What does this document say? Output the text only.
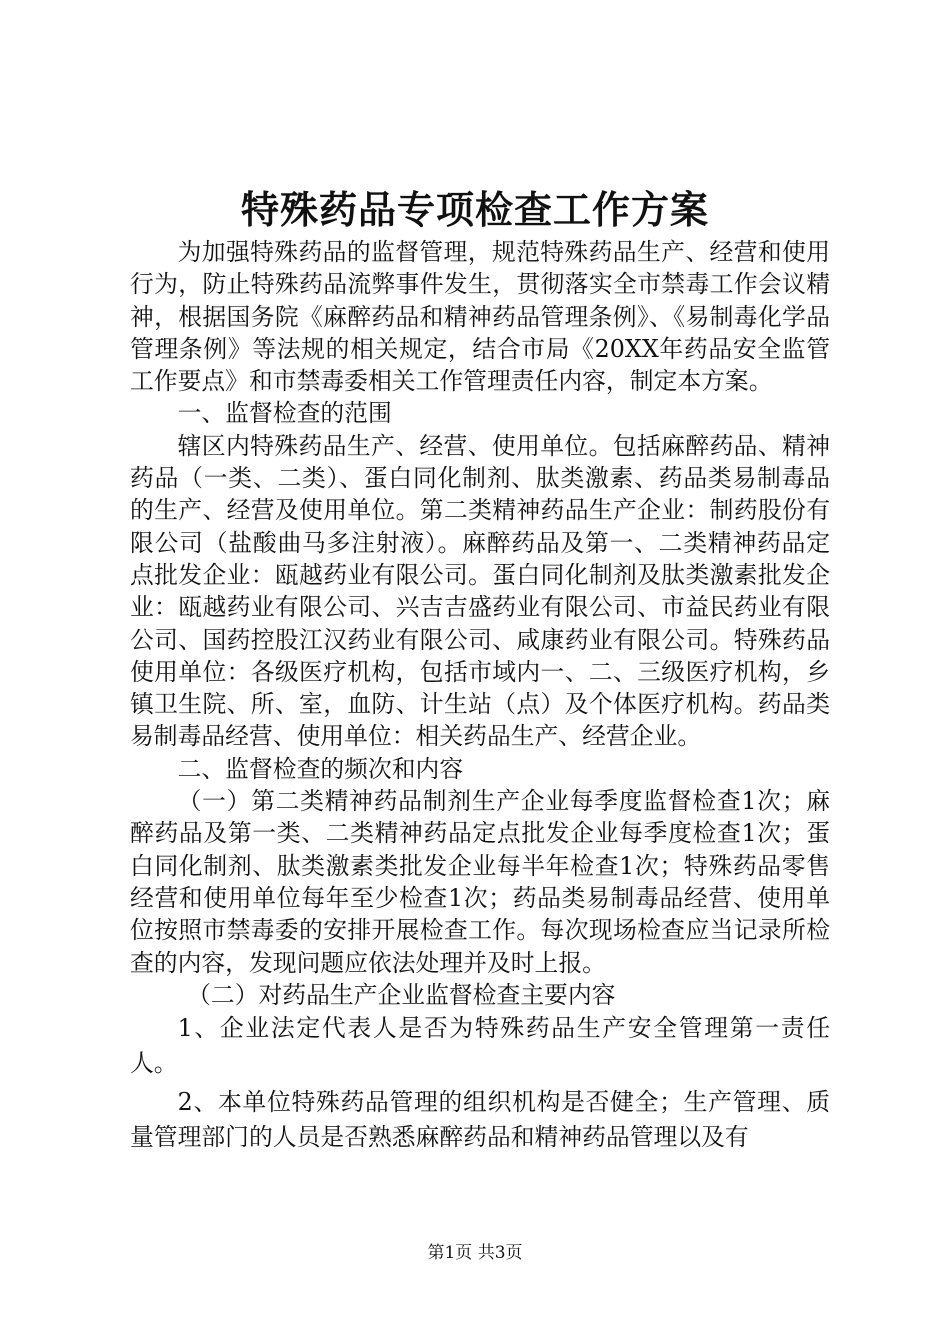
特殊药品专项检查工作方案

为加强特殊药品的监督管理，规范特殊药品生产、经营和使用行为，防止特殊药品流弊事件发生，贯彻落实全市禁毒工作会议精神，根据国务院《麻醉药品和精神药品管理条例》、《易制毒化学品管理条例》等法规的相关规定，结合市局《20XX年药品安全监管工作要点》和市禁毒委相关工作管理责任内容，制定本方案。

一、监督检查的范围

辖区内特殊药品生产、经营、使用单位。包括麻醉药品、精神药品（一类、二类）、蛋白同化制剂、肽类激素、药品类易制毒品的生产、经营及使用单位。第二类精神药品生产企业：制药股份有限公司（盐酸曲马多注射液）。麻醉药品及第一、二类精神药品定点批发企业：瓯越药业有限公司。蛋白同化制剂及肽类激素批发企业：瓯越药业有限公司、兴吉吉盛药业有限公司、市益民药业有限公司、国药控股江汉药业有限公司、咸康药业有限公司。特殊药品使用单位：各级医疗机构，包括市域内一、二、三级医疗机构，乡镇卫生院、所、室，血防、计生站（点）及个体医疗机构。药品类易制毒品经营、使用单位：相关药品生产、经营企业。

二、监督检查的频次和内容

（一）第二类精神药品制剂生产企业每季度监督检查1次；麻醉药品及第一类、二类精神药品定点批发企业每季度检查1次；蛋白同化制剂、肽类激素类批发企业每半年检查1次；特殊药品零售经营和使用单位每年至少检查1次；药品类易制毒品经营、使用单位按照市禁毒委的安排开展检查工作。每次现场检查应当记录所检查的内容，发现问题应依法处理并及时上报。

（二）对药品生产企业监督检查主要内容

1、企业法定代表人是否为特殊药品生产安全管理第一责任人。

2、本单位特殊药品管理的组织机构是否健全；生产管理、质量管理部门的人员是否熟悉麻醉药品和精神药品管理以及有

第1页 共3页
